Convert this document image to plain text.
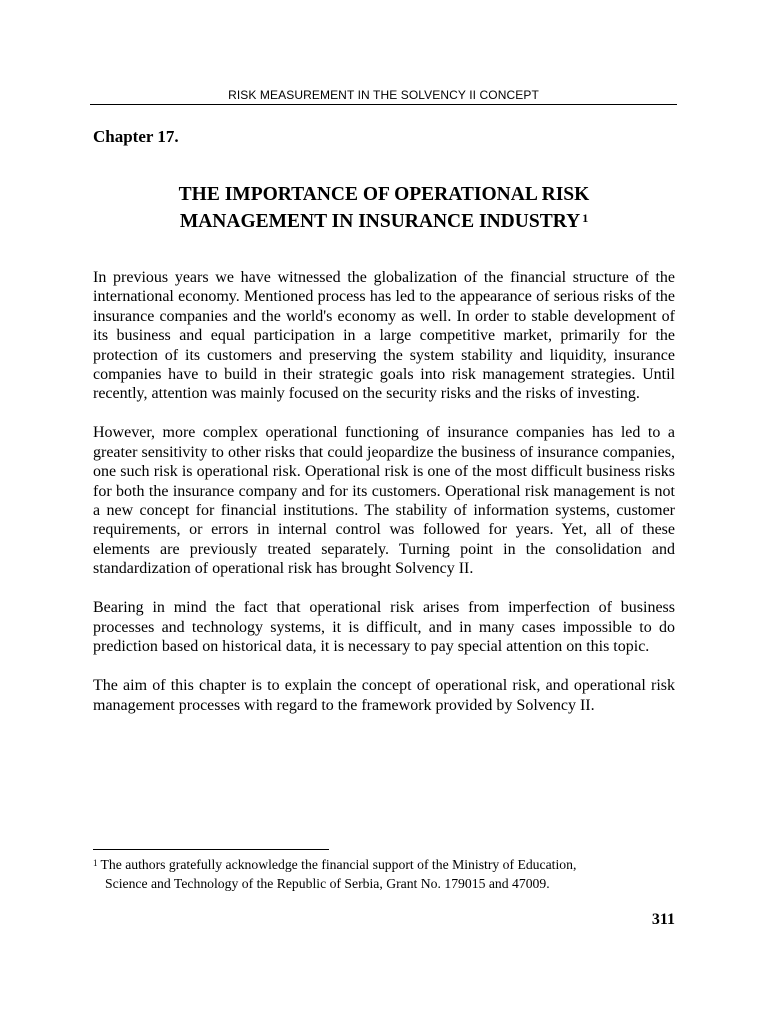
RISK MEASUREMENT IN THE SOLVENCY II CONCEPT
Chapter 17.
THE IMPORTANCE OF OPERATIONAL RISK
MANAGEMENT IN INSURANCE INDUSTRY $^1$

In previous years we have witnessed the globalization of the financial structure of the international economy. Mentioned process has led to the appearance of serious risks of the insurance companies and the world's economy as well. In order to stable development of its business and equal participation in a large competitive market, primarily for the protection of its customers and preserving the system stability and liquidity, insurance companies have to build in their strategic goals into risk management strategies. Until recently, attention was mainly focused on the security risks and the risks of investing.

However, more complex operational functioning of insurance companies has led to a greater sensitivity to other risks that could jeopardize the business of insurance companies, one such risk is operational risk. Operational risk is one of the most difficult business risks for both the insurance company and for its customers. Operational risk management is not a new concept for financial institutions. The stability of information systems, customer requirements, or errors in internal control was followed for years. Yet, all of these elements are previously treated separately. Turning point in the consolidation and standardization of operational risk has brought Solvency II.

Bearing in mind the fact that operational risk arises from imperfection of business processes and technology systems, it is difficult, and in many cases impossible to do prediction based on historical data, it is necessary to pay special attention on this topic.

The aim of this chapter is to explain the concept of operational risk, and operational risk management processes with regard to the framework provided by Solvency II.

$^1$ The authors gratefully acknowledge the financial support of the Ministry of Education,
Science and Technology of the Republic of Serbia, Grant No. 179015 and 47009.
311
